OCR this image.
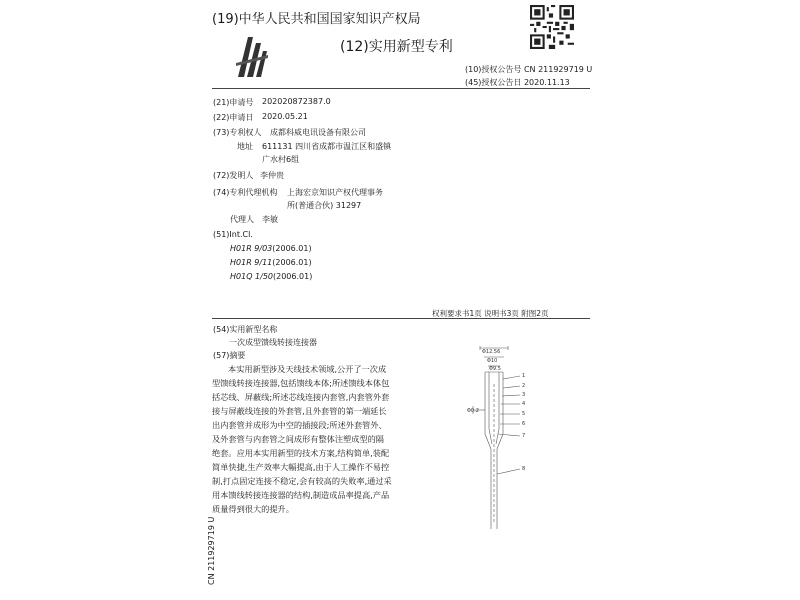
(19)中华人民共和国国家知识产权局
(12)实用新型专利
(10)授权公告号 CN 211929719 U
(45)授权公告日 2020.11.13
(21)申请号 202020872387.0
(22)申请日 2020.05.21
(73)专利权人 成都科威电讯设备有限公司
地址 611131 四川省成都市温江区和盛镇
广水村6组
(72)发明人 李仲贵
(74)专利代理机构 上海宏京知识产权代理事务
所(普通合伙) 31297
代理人 李敏
(51)Int.Cl.
H01R 9/03(2006.01)
H01R 9/11(2006.01)
H01Q 1/50(2006.01)
权利要求书1页 说明书3页 附图2页
(54)实用新型名称
一次成型馈线转接连接器
(57)摘要
本实用新型涉及天线技术领域,公开了一次成型馈线转接连接器,包括馈线本体;所述馈线本体包括芯线、屏蔽线;所述芯线连接内套管,内套管外套接与屏蔽线连接的外套管,且外套管的第一端延长出内套管并成形为中空的插接段;所述外套管外、及外套管与内套管之间成形有整体注塑成型的隔绝套。应用本实用新型的技术方案,结构简单,装配简单快捷,生产效率大幅提高,由于人工操作不易控制,打点固定连接不稳定,会有较高的失败率,通过采用本馈线转接连接器的结构,制造成品率提高,产品质量得到很大的提升。
Φ12.56
Φ10
Φ9.5
Φ0.2
1
2
3
4
5
6
7
8
CN 211929719 U
